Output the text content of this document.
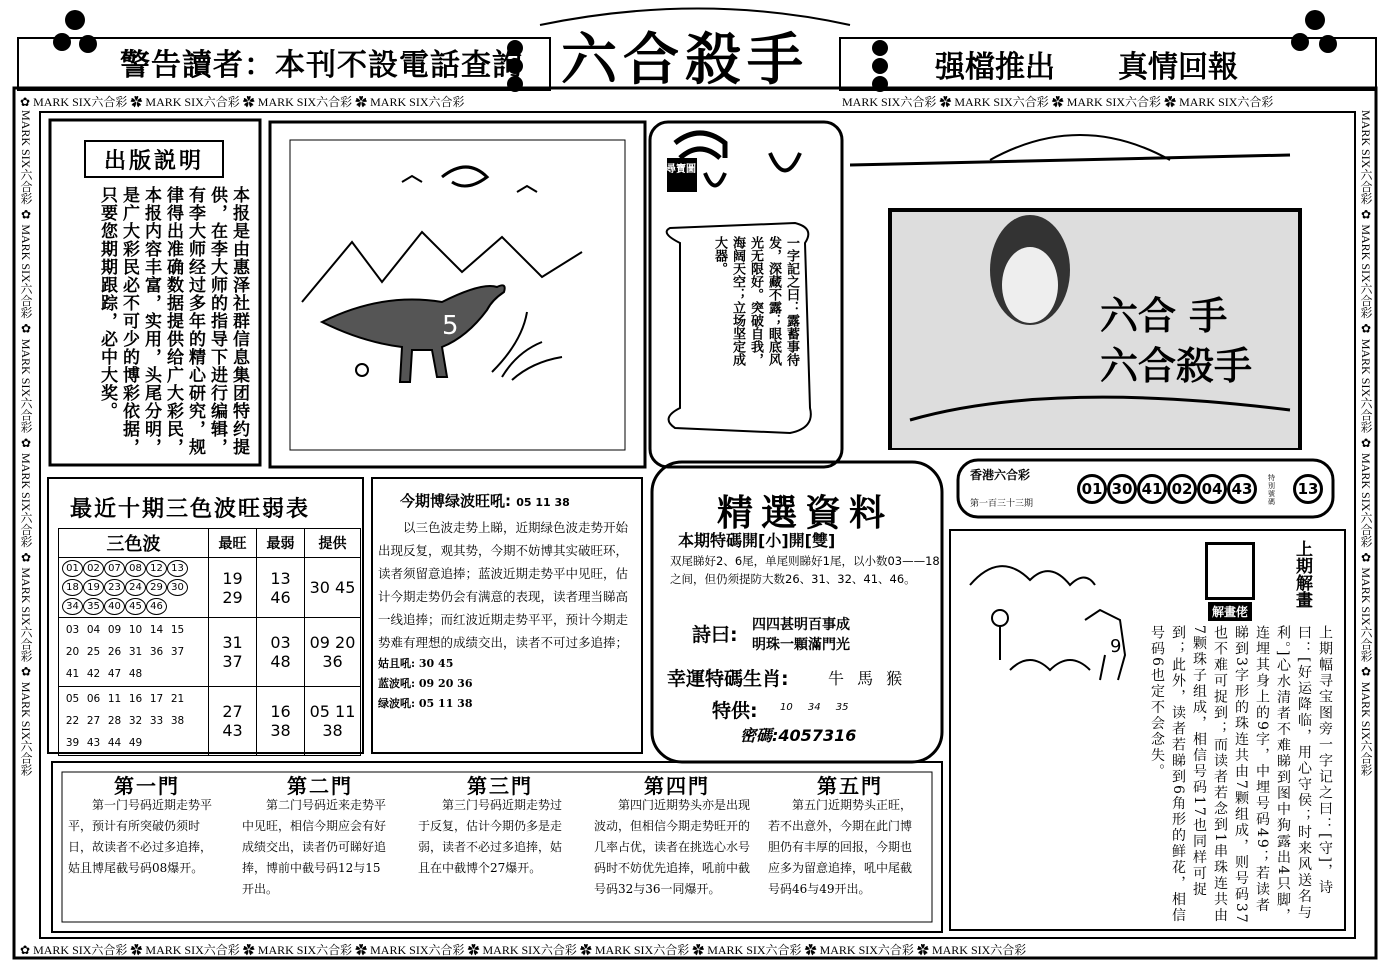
警告讀者：本刊不設電話查詢 六合殺手	强檔推出 真情回報
✿ MARK SIX六合彩 ✿ MARK SIX六合彩 ✿ MARK SIX六合彩 ✿ MARK SIX六合彩	MARK SIX六合彩 ✿ MARK SIX六合彩 ✿ MARK SIX六合彩 ✿ MARK SIX六合彩
✿ MARK SIX六合彩 ✿ MARK SIX六合彩 ✿ MARK SIX六合彩 ✿ MARK SIX六合彩 ✿ MARK SIX六合彩 ✿ MARK SIX六合彩 ✿ MARK SIX六合彩 ✿ MARK SIX六合彩 ✿ MARK SIX六合彩
MARK SIX六合彩 ✿ MARK SIX六合彩 ✿ MARK SIX六合彩 ✿ MARK SIX六合彩 ✿ MARK SIX六合彩 ✿ MARK SIX六合彩
MARK SIX六合彩 ✿ MARK SIX六合彩 ✿ MARK SIX六合彩 ✿ MARK SIX六合彩 ✿ MARK SIX六合彩 ✿ MARK SIX六合彩
出版説明
本报是由惠泽社群信息集团特约提供，在李大师的指导下进行编辑，有李大师经过多年的精心研究，规律得出准确数据提供给广大彩民，本报内容丰富，实用，头尾分明，是广大彩民必不可少的博彩依据，只要您期期跟踪，必中大奖。	5
尋寶圖
一字記之曰：露蓄事待发，深藏不露；眼底风光无限好。突破自我，海阔天空；立场坚定成大器。
六合 手
六合殺手
最近十期三色波旺弱表
三色波	最旺	最弱	提供

01 02 07 08 12 1318 19 23 24 29 3034 35 40 45 46	19 29	13 46	30 45

03 04 09 10 14 1520 25 26 31 36 3741 42 47 48	31 37	03 48	09 20 36

05 06 11 16 17 2122 27 28 32 33 3839 43 44 49	27 43	16 38	05 11 38
今期博绿波旺吼: 05 11 38
以三色波走势上睇，近期绿色波走势开始出现反复，观其势，今期不妨博其实破旺环，读者须留意追捧；蓝波近期走势平中见旺，估计今期走势仍会有满意的表现，读者理当睇高一线追捧；而红波近期走势平平，预计今期走势难有理想的成绩交出，读者不可过多追捧；
姑且吼: 30 45
蓝波吼: 09 20 36
绿波吼: 05 11 38
精選資料
本期特碼開[小]開[雙]
双尾睇好2、6尾，单尾则睇好1尾，以小数03——18之间，但仍须提防大数26、31、32、41、46。
詩曰: 四四甚明百事成
明珠一顆滿門光
幸運特碼生肖: 牛 馬 猴
特供: 10 34 35
密碼:4057316
香港六合彩
第一百三十三期
01 30 41 02 04 43
特別號碼
13
9
解畫佬
上期解畫
上期幅寻宝图旁一字记之曰：[守]，诗曰：[好运降临，用心守侯；时来风送名与利。]心水清者不难睇到图中狗露出4只脚，连埋其身上的9字，中埋号码49；若读者睇到3字形的珠连共由7颗组成，则号码37也不难可捉到；而读者若念到1串珠连共由7颗珠子组成，相信号码17也同样可捉到；此外，读者若睇到6角形的鲜花，相信号码6也定不会念失。
第一門
第一门号码近期走势平平，预计有所突破仍须时日，故读者不必过多追捧，姑且博尾截号码08爆开。
第二門
第二门号码近来走势平中见旺，相信今期应会有好成绩交出，读者仍可睇好追捧，博前中截号码12与15开出。
第三門
第三门号码近期走势过于反复，估计今期仍多是走弱，读者不必过多追捧，姑且在中截博个27爆开。
第四門
第四门近期势头亦是出现波动，但相信今期走势旺开的几率占优，读者在挑选心水号码时不妨优先追捧，吼前中截号码32与36一同爆开。
第五門
第五门近期势头正旺，若不出意外，今期在此门博胆仍有丰厚的回报，今期也应多为留意追捧，吼中尾截号码46与49开出。
